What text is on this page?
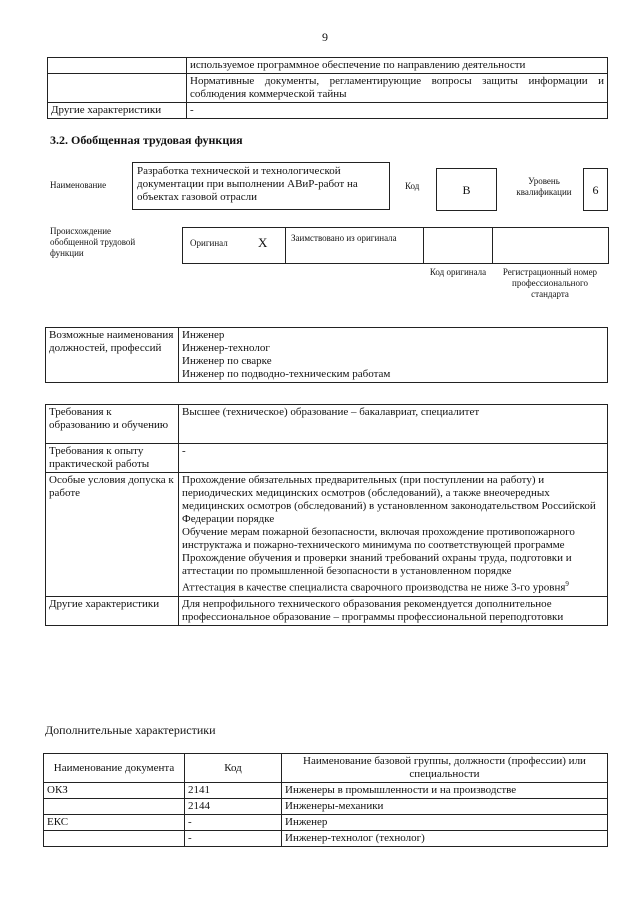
9
	используемое программное обеспечение по направлению деятельности
	Нормативные документы, регламентирующие вопросы защиты информации и соблюдения коммерческой тайны
Другие характеристики	-
3.2. Обобщенная трудовая функция
Наименование
Разработка технической и технологической документации при выполнении АВиР-работ на объектах газовой отрасли
Код	В
Уровень квалификации	6
Происхождение обобщенной трудовой функции
Оригинал Х	Заимствовано из оригинала
Код оригинала	Регистрационный номер профессионального стандарта
Возможные наименования должностей, профессий	
Инженер
Инженер-технолог
Инженер по сварке
Инженер по подводно-техническим работам
Требования к образованию и обучению	Высшее (техническое) образование – бакалавриат, специалитет
Требования к опыту практической работы	-
Особые условия допуска к работе	Прохождение обязательных предварительных (при поступлении на работу) и периодических медицинских осмотров (обследований), а также внеочередных медицинских осмотров (обследований) в установленном законодательством Российской Федерации порядке
Обучение мерам пожарной безопасности, включая прохождение противопожарного инструктажа и пожарно-технического минимума по соответствующей программе
Прохождение обучения и проверки знаний требований охраны труда, подготовки и аттестации по промышленной безопасности в установленном порядке
Аттестация в качестве специалиста сварочного производства не ниже 3-го уровня$^9$

Другие характеристики	Для непрофильного технического образования рекомендуется дополнительное профессиональное образование – программы профессиональной переподготовки
Дополнительные характеристики
Наименование документа	Код	Наименование базовой группы, должности (профессии) или специальности
ОКЗ	2141	Инженеры в промышленности и на производстве
	2144	Инженеры-механики
ЕКС	-	Инженер
	-	Инженер-технолог (технолог)
